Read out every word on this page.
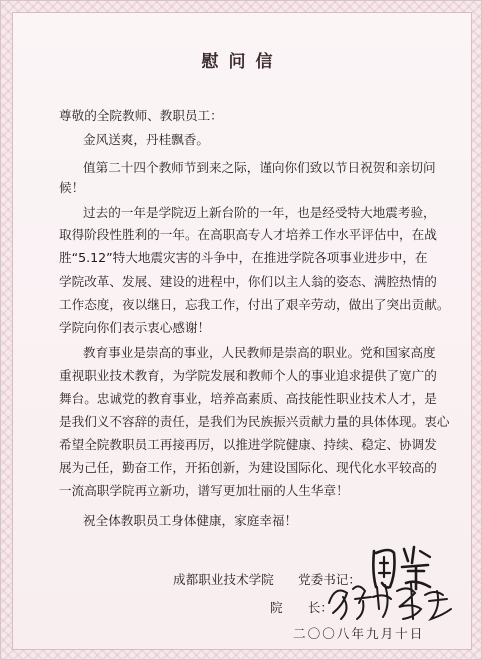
慰问信
尊敬的全院教师、教职员工：
金风送爽，丹桂飘香。
值第二十四个教师节到来之际，谨向你们致以节日祝贺和亲切问
候！
过去的一年是学院迈上新台阶的一年，也是经受特大地震考验，
取得阶段性胜利的一年。在高职高专人才培养工作水平评估中，在战
胜“5.12”特大地震灾害的斗争中，在推进学院各项事业进步中，在
学院改革、发展、建设的进程中，你们以主人翁的姿态、满腔热情的
工作态度，夜以继日，忘我工作，付出了艰辛劳动，做出了突出贡献。
学院向你们表示衷心感谢！
教育事业是崇高的事业，人民教师是崇高的职业。党和国家高度
重视职业技术教育，为学院发展和教师个人的事业追求提供了宽广的
舞台。忠诚党的教育事业，培养高素质、高技能性职业技术人才，是
是我们义不容辞的责任，是我们为民族振兴贡献力量的具体体现。衷心
希望全院教职员工再接再厉，以推进学院健康、持续、稳定、协调发
展为己任，勤奋工作，开拓创新，为建设国际化、现代化水平较高的
一流高职学院再立新功，谱写更加壮丽的人生华章！
祝全体教职员工身体健康，家庭幸福！
成都职业技术学院 党委书记：
院　　长：
二〇〇八年九月十日
